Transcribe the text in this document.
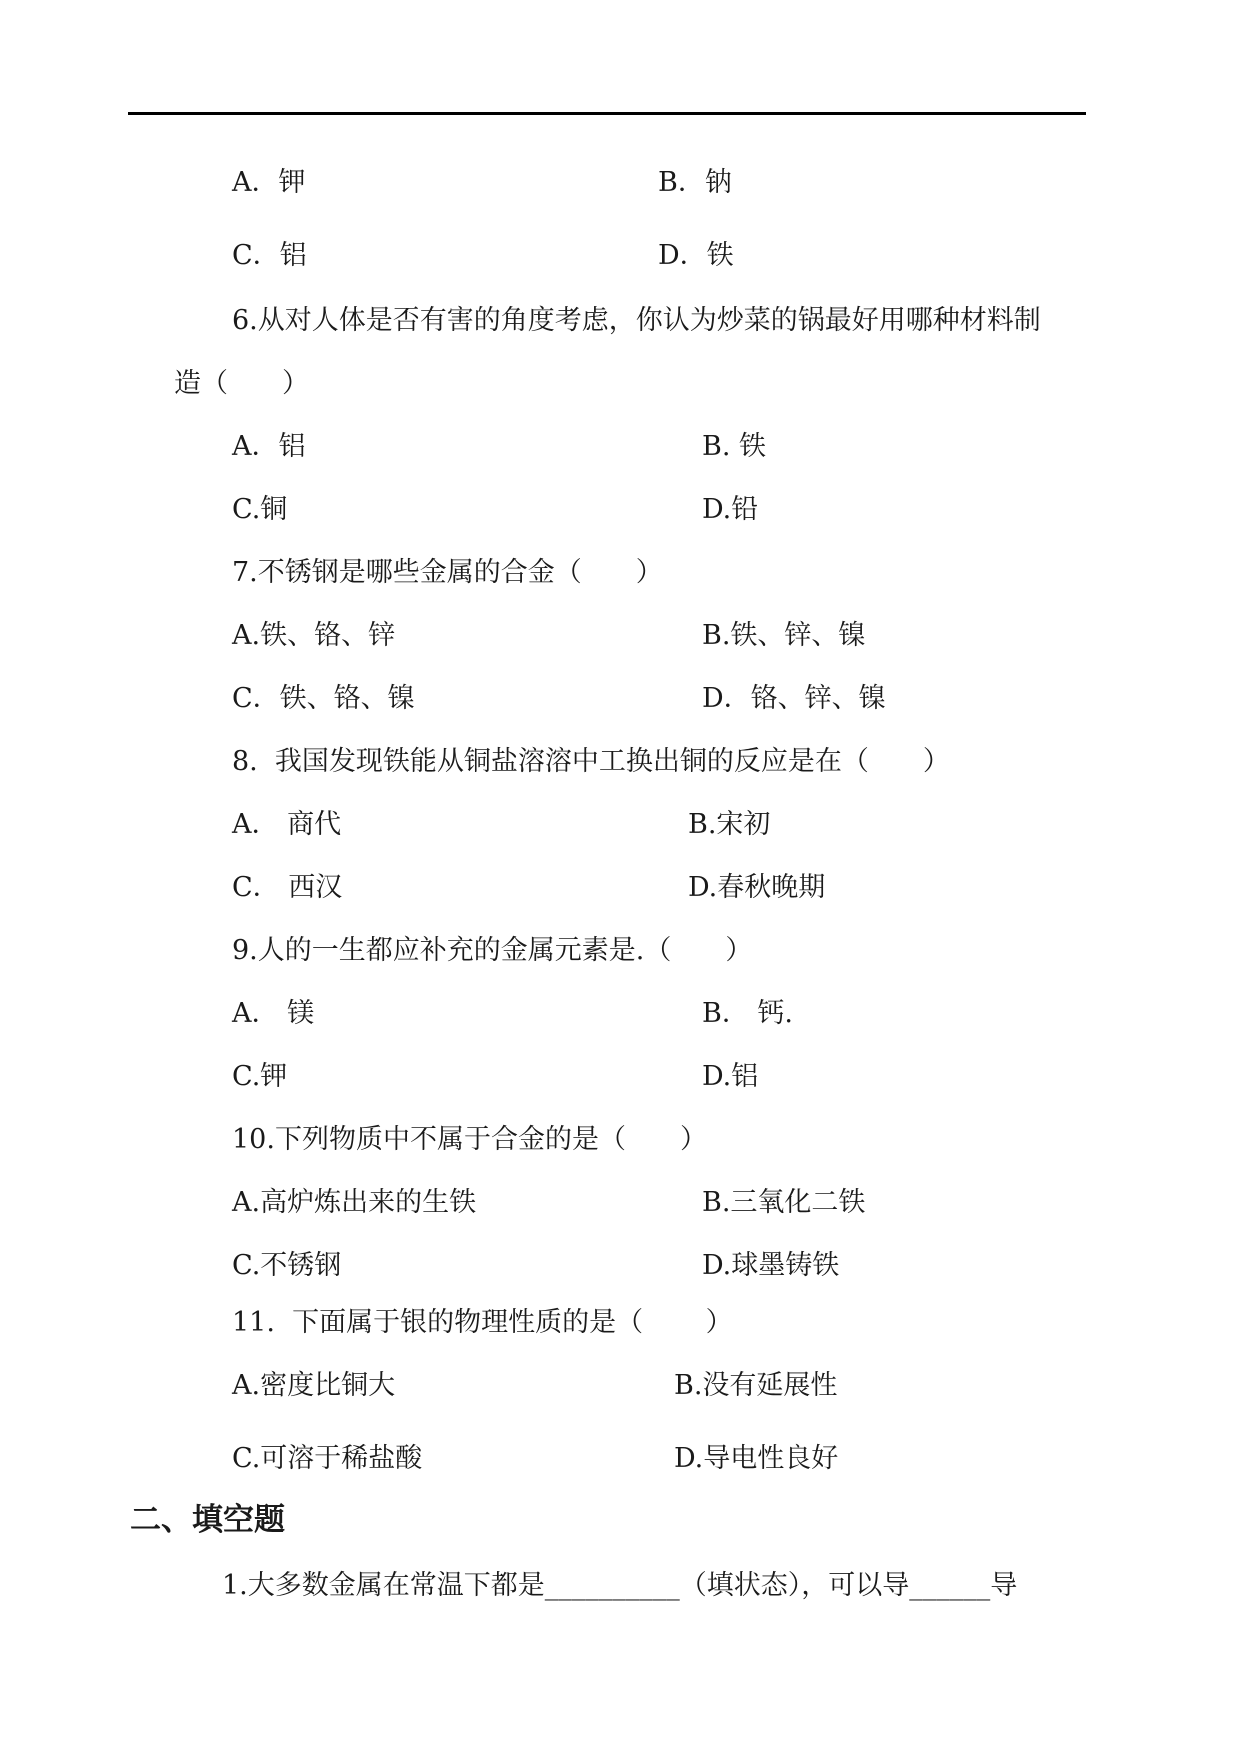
A．钾	B．钠
C．铝	D．铁
6.从对人体是否有害的角度考虑，你认为炒菜的锅最好用哪种材料制
造（　　）
A．铝	B. 铁
C.铜	D.铅
7.不锈钢是哪些金属的合金（　　）
A.铁、铬、锌	B.铁、锌、镍
C．铁、铬、镍	D．铬、锌、镍
8.  我国发现铁能从铜盐溶溶中工换出铜的反应是在（　　）
A． 商代	B.宋初
C． 西汉	D.春秋晚期
9.人的一生都应补充的金属元素是.（　　）
A． 镁	B． 钙.
C.钾	D.铝
10.下列物质中不属于合金的是（　　）
A.高炉炼出来的生铁	B.三氧化二铁
C.不锈钢	D.球墨铸铁
11.  下面属于银的物理性质的是（　　 ）
A.密度比铜大	B.没有延展性
C.可溶于稀盐酸	D.导电性良好
二、填空题
1.大多数金属在常温下都是__________（填状态），可以导______导
